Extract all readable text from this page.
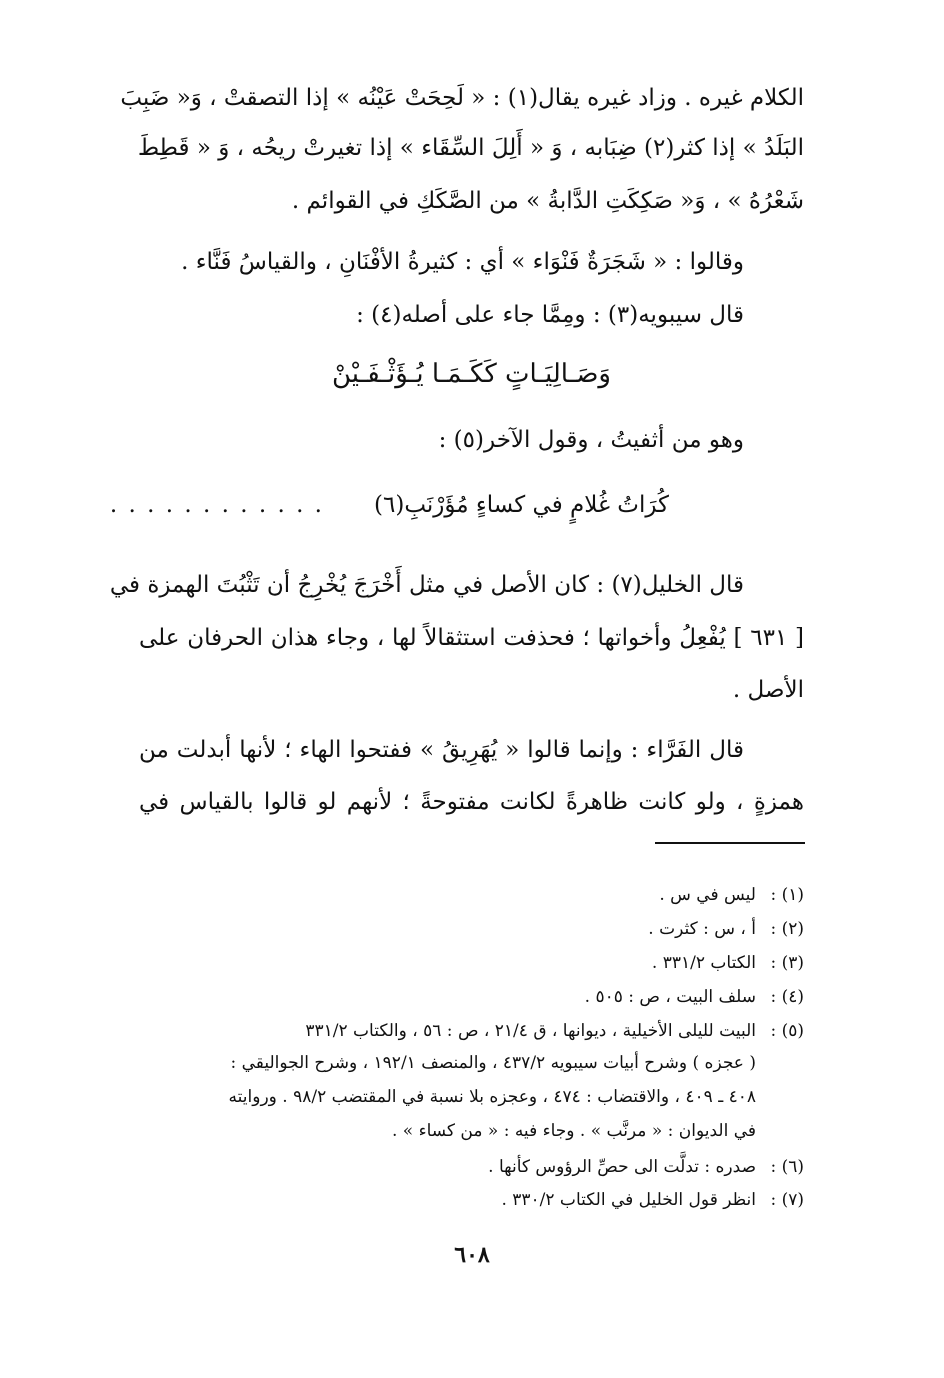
الكلام غيره . وزاد غيره يقال(١) : « لَحِحَتْ عَيْنُه » إذا التصقتْ ، وَ« ضَبِبَ
البَلَدُ » إذا كثر(٢) ضِبَابه ، وَ « أَلِلَ السِّقَاء » إذا تغيرتْ ريحُه ، وَ « قَطِطَ
شَعْرُهُ » ، وَ« صَكِكَتِ الدَّابةُ » من الصَّكَكِ في القوائم .
وقالوا : « شَجَرَةٌ فَنْوَاء » أي : كثيرةُ الأفْنَانِ ، والقياسُ فَنَّاء .
قال سيبويه(٣) : ومِمَّا جاء على أصله(٤) :
وَصَـالِيَـاتٍ كَكَـمَـا يُـؤَثْـفَـيْنْ
وهو من أثفيتُ ، وقول الآخر(٥) :
كُرَاتُ غُلامٍ في كساءٍ مُؤَرْنَبِ(٦)
. . . . . . . . . . . .
قال الخليل(٧) : كان الأصل في مثل أَخْرَجَ يُخْرِجُ أن تَثْبُتَ الهمزة في
[ ٦٣١ ] يُفْعِلُ وأخواتها ؛ فحذفت استثقالاً لها ، وجاء هذان الحرفان على
الأصل .
قال الفَرَّاء : وإنما قالوا « يُهَرِيقُ » ففتحوا الهاء ؛ لأنها أبدلت من
همزةٍ ، ولو كانت ظاهرةً لكانت مفتوحةً ؛ لأنهم لو قالوا بالقياس في
(١) :ليس في س .
(٢) :أ ، س : كثرت .
(٣) :الكتاب ٣٣١/٢ .
(٤) :سلف البيت ، ص : ٥٠٥ .
(٥) :البيت لليلى الأخيلية ، ديوانها ، ق ٢١/٤ ، ص : ٥٦ ، والكتاب ٣٣١/٢
( عجزه ) وشرح أبيات سيبويه ٤٣٧/٢ ، والمنصف ١٩٢/١ ، وشرح الجواليقي :
٤٠٨ ـ ٤٠٩ ، والاقتضاب : ٤٧٤ ، وعجزه بلا نسبة في المقتضب ٩٨/٢ . وروايته
في الديوان : « مرنَّب » . وجاء فيه : « من كساء » .
(٦) :صدره : تدلَّت الى حصِّ الرؤوس كأنها .
(٧) :انظر قول الخليل في الكتاب ٣٣٠/٢ .
٦٠٨
